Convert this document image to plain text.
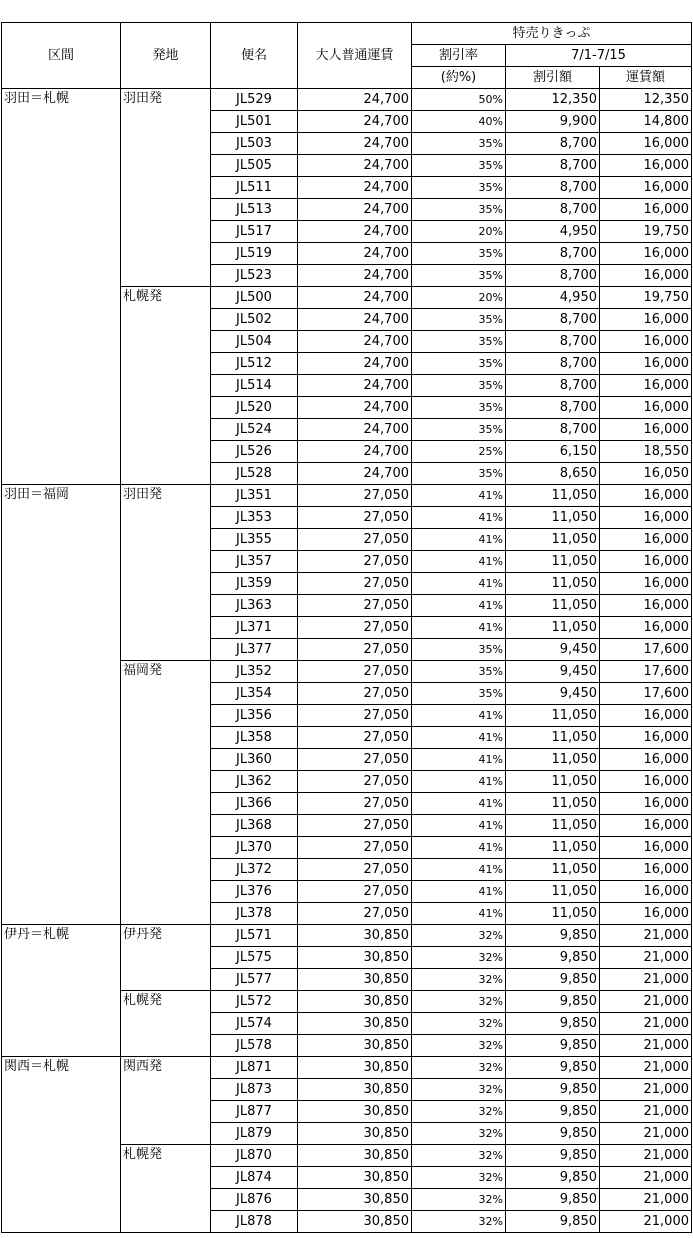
区間	発地	便名	大人普通運賃	特売りきっぷ		
				割引率	7/1-7/15	
				(約%)	割引額	運賃額
羽田＝札幌	羽田発	JL529	24,700	50%	12,350	12,350
		JL501	24,700	40%	9,900	14,800
		JL503	24,700	35%	8,700	16,000
		JL505	24,700	35%	8,700	16,000
		JL511	24,700	35%	8,700	16,000
		JL513	24,700	35%	8,700	16,000
		JL517	24,700	20%	4,950	19,750
		JL519	24,700	35%	8,700	16,000
		JL523	24,700	35%	8,700	16,000
	札幌発	JL500	24,700	20%	4,950	19,750
		JL502	24,700	35%	8,700	16,000
		JL504	24,700	35%	8,700	16,000
		JL512	24,700	35%	8,700	16,000
		JL514	24,700	35%	8,700	16,000
		JL520	24,700	35%	8,700	16,000
		JL524	24,700	35%	8,700	16,000
		JL526	24,700	25%	6,150	18,550
		JL528	24,700	35%	8,650	16,050
羽田＝福岡	羽田発	JL351	27,050	41%	11,050	16,000
		JL353	27,050	41%	11,050	16,000
		JL355	27,050	41%	11,050	16,000
		JL357	27,050	41%	11,050	16,000
		JL359	27,050	41%	11,050	16,000
		JL363	27,050	41%	11,050	16,000
		JL371	27,050	41%	11,050	16,000
		JL377	27,050	35%	9,450	17,600
	福岡発	JL352	27,050	35%	9,450	17,600
		JL354	27,050	35%	9,450	17,600
		JL356	27,050	41%	11,050	16,000
		JL358	27,050	41%	11,050	16,000
		JL360	27,050	41%	11,050	16,000
		JL362	27,050	41%	11,050	16,000
		JL366	27,050	41%	11,050	16,000
		JL368	27,050	41%	11,050	16,000
		JL370	27,050	41%	11,050	16,000
		JL372	27,050	41%	11,050	16,000
		JL376	27,050	41%	11,050	16,000
		JL378	27,050	41%	11,050	16,000
伊丹＝札幌	伊丹発	JL571	30,850	32%	9,850	21,000
		JL575	30,850	32%	9,850	21,000
		JL577	30,850	32%	9,850	21,000
	札幌発	JL572	30,850	32%	9,850	21,000
		JL574	30,850	32%	9,850	21,000
		JL578	30,850	32%	9,850	21,000
関西＝札幌	関西発	JL871	30,850	32%	9,850	21,000
		JL873	30,850	32%	9,850	21,000
		JL877	30,850	32%	9,850	21,000
		JL879	30,850	32%	9,850	21,000
	札幌発	JL870	30,850	32%	9,850	21,000
		JL874	30,850	32%	9,850	21,000
		JL876	30,850	32%	9,850	21,000
		JL878	30,850	32%	9,850	21,000
